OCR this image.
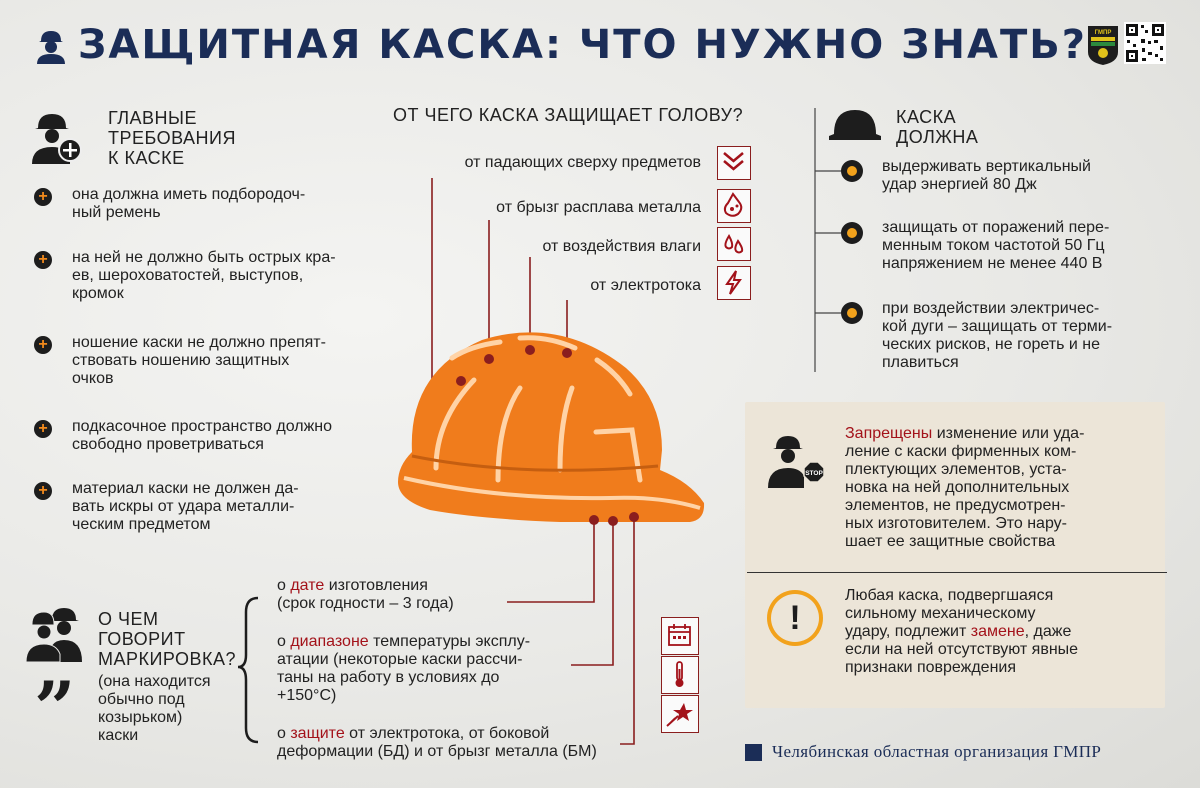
ЗАЩИТНАЯ КАСКА: ЧТО НУЖНО ЗНАТЬ? ГМПР
ГЛАВНЫЕ
ТРЕБОВАНИЯ
К КАСКЕ
+ она должна иметь подбородоч-
ный ремень
+ на ней не должно быть острых кра-
ев, шероховатостей, выступов,
кромок
+ ношение каски не должно препят-
ствовать ношению защитных
очков
+ подкасочное пространство должно
свободно проветриваться
+ материал каски не должен да-
вать искры от удара металли-
ческим предметом
ОТ ЧЕГО КАСКА ЗАЩИЩАЕТ ГОЛОВУ?
от падающих сверху предметов
от брызг расплава металла
от воздействия влаги
от электротока
КАСКА
ДОЛЖНА
выдерживать вертикальный
удар энергией 80 Дж
защищать от поражений пере-
менным током частотой 50 Гц
напряжением не менее 440 В
при воздействии электричес-
кой дуги – защищать от терми-
ческих рисков, не гореть и не
плавиться
STOP
Запрещены изменение или уда-
ление с каски фирменных ком-
плектующих элементов, уста-
новка на ней дополнительных
элементов, не предусмотрен-
ных изготовителем. Это нару-
шает ее защитные свойства
!
Любая каска, подвергшаяся
сильному механическому
удару, подлежит замене, даже
если на ней отсутствуют явные
признаки повреждения
О ЧЕМ
ГОВОРИТ
МАРКИРОВКА?
” (она находится
обычно под
козырьком)
каски
о дате изготовления
(срок годности – 3 года)
о диапазоне температуры эксплу-
атации (некоторые каски рассчи-
таны на работу в условиях до
+150°С)
о защите от электротока, от боковой
деформации (БД) и от брызг металла (БМ)	Челябинская областная организация ГМПР
